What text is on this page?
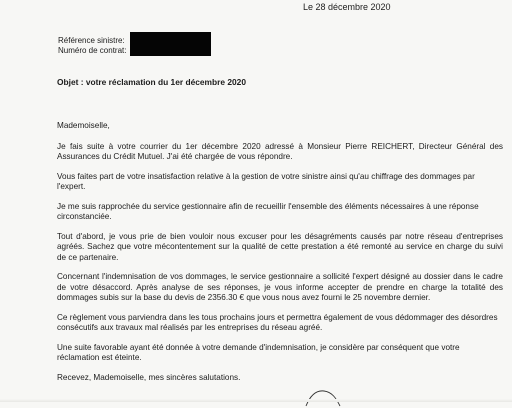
Le 28 décembre 2020
Référence sinistre:
Numéro de contrat:
Objet : votre réclamation du 1er décembre 2020

Mademoiselle,

Je fais suite à votre courrier du 1er décembre 2020 adressé à Monsieur Pierre REICHERT, Directeur Général des Assurances du Crédit Mutuel. J'ai été chargée de vous répondre.

Vous faites part de votre insatisfaction relative à la gestion de votre sinistre ainsi qu'au chiffrage des dommages par l'expert.

Je me suis rapprochée du service gestionnaire afin de recueillir l'ensemble des éléments nécessaires à une réponse circonstanciée.

Tout d'abord, je vous prie de bien vouloir nous excuser pour les désagréments causés par notre réseau d'entreprises agréés. Sachez que votre mécontentement sur la qualité de cette prestation a été remonté au service en charge du suivi de ce partenaire.

Concernant l'indemnisation de vos dommages, le service gestionnaire a sollicité l'expert désigné au dossier dans le cadre de votre désaccord. Après analyse de ses réponses, je vous informe accepter de prendre en charge la totalité des dommages subis sur la base du devis de 2356.30 € que vous nous avez fourni le 25 novembre dernier.

Ce règlement vous parviendra dans les tous prochains jours et permettra également de vous dédommager des désordres consécutifs aux travaux mal réalisés par les entreprises du réseau agréé.

Une suite favorable ayant été donnée à votre demande d'indemnisation, je considère par conséquent que votre réclamation est éteinte.

Recevez, Mademoiselle, mes sincères salutations.
